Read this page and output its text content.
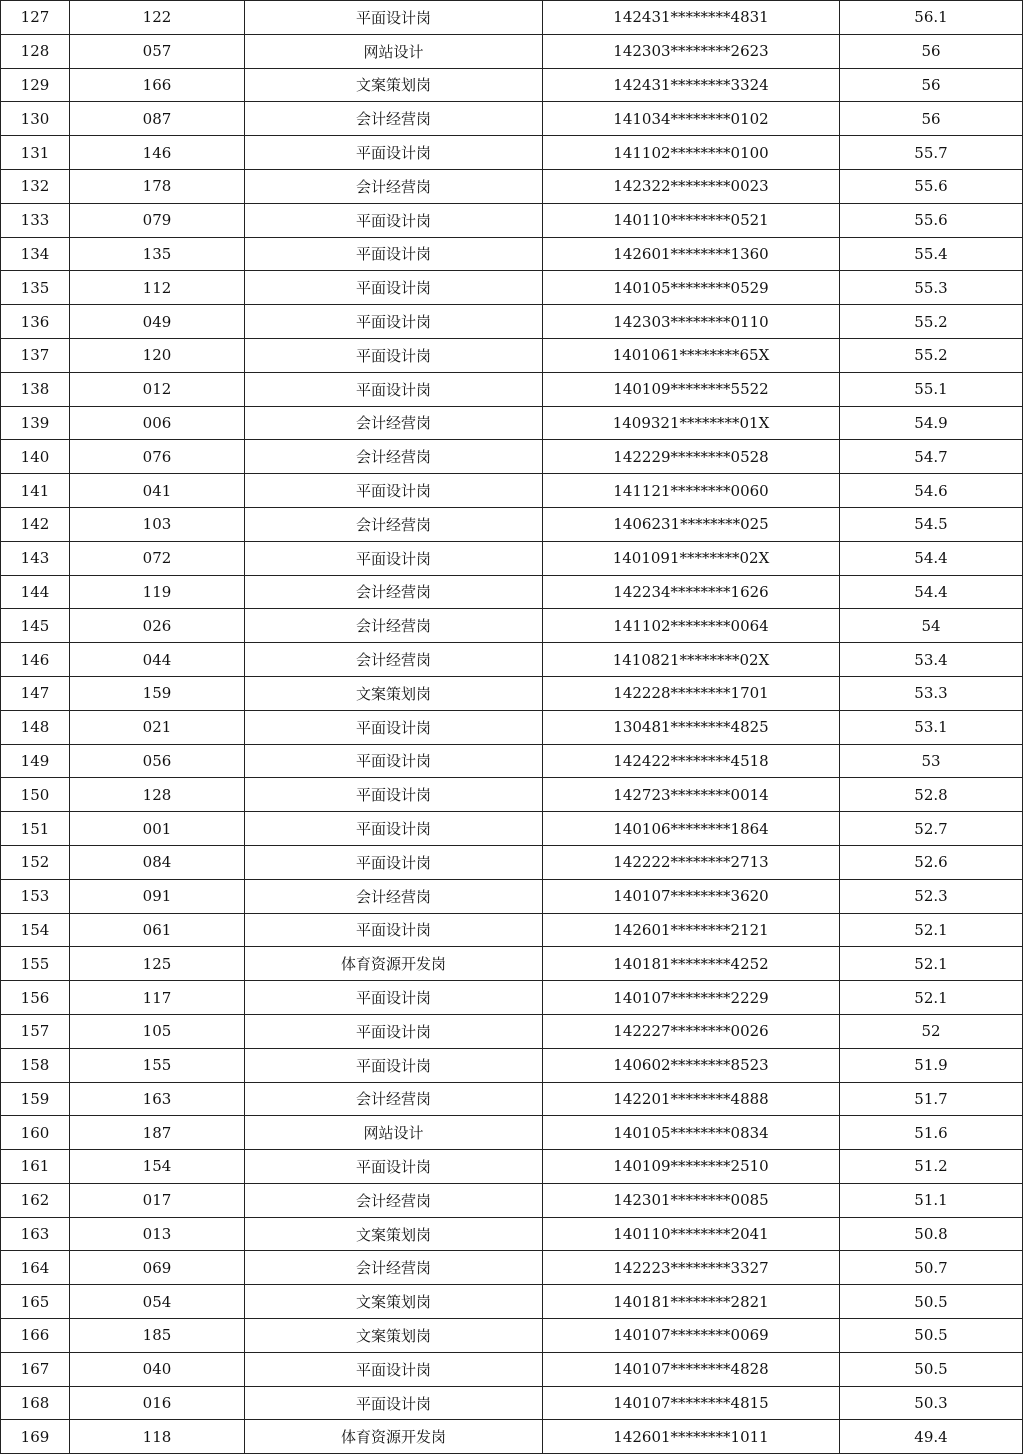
127	122	平面设计岗	142431********4831	56.1
128	057	网站设计	142303********2623	56
129	166	文案策划岗	142431********3324	56
130	087	会计经营岗	141034********0102	56
131	146	平面设计岗	141102********0100	55.7
132	178	会计经营岗	142322********0023	55.6
133	079	平面设计岗	140110********0521	55.6
134	135	平面设计岗	142601********1360	55.4
135	112	平面设计岗	140105********0529	55.3
136	049	平面设计岗	142303********0110	55.2
137	120	平面设计岗	1401061********65X	55.2
138	012	平面设计岗	140109********5522	55.1
139	006	会计经营岗	1409321********01X	54.9
140	076	会计经营岗	142229********0528	54.7
141	041	平面设计岗	141121********0060	54.6
142	103	会计经营岗	1406231********025	54.5
143	072	平面设计岗	1401091********02X	54.4
144	119	会计经营岗	142234********1626	54.4
145	026	会计经营岗	141102********0064	54
146	044	会计经营岗	1410821********02X	53.4
147	159	文案策划岗	142228********1701	53.3
148	021	平面设计岗	130481********4825	53.1
149	056	平面设计岗	142422********4518	53
150	128	平面设计岗	142723********0014	52.8
151	001	平面设计岗	140106********1864	52.7
152	084	平面设计岗	142222********2713	52.6
153	091	会计经营岗	140107********3620	52.3
154	061	平面设计岗	142601********2121	52.1
155	125	体育资源开发岗	140181********4252	52.1
156	117	平面设计岗	140107********2229	52.1
157	105	平面设计岗	142227********0026	52
158	155	平面设计岗	140602********8523	51.9
159	163	会计经营岗	142201********4888	51.7
160	187	网站设计	140105********0834	51.6
161	154	平面设计岗	140109********2510	51.2
162	017	会计经营岗	142301********0085	51.1
163	013	文案策划岗	140110********2041	50.8
164	069	会计经营岗	142223********3327	50.7
165	054	文案策划岗	140181********2821	50.5
166	185	文案策划岗	140107********0069	50.5
167	040	平面设计岗	140107********4828	50.5
168	016	平面设计岗	140107********4815	50.3
169	118	体育资源开发岗	142601********1011	49.4
